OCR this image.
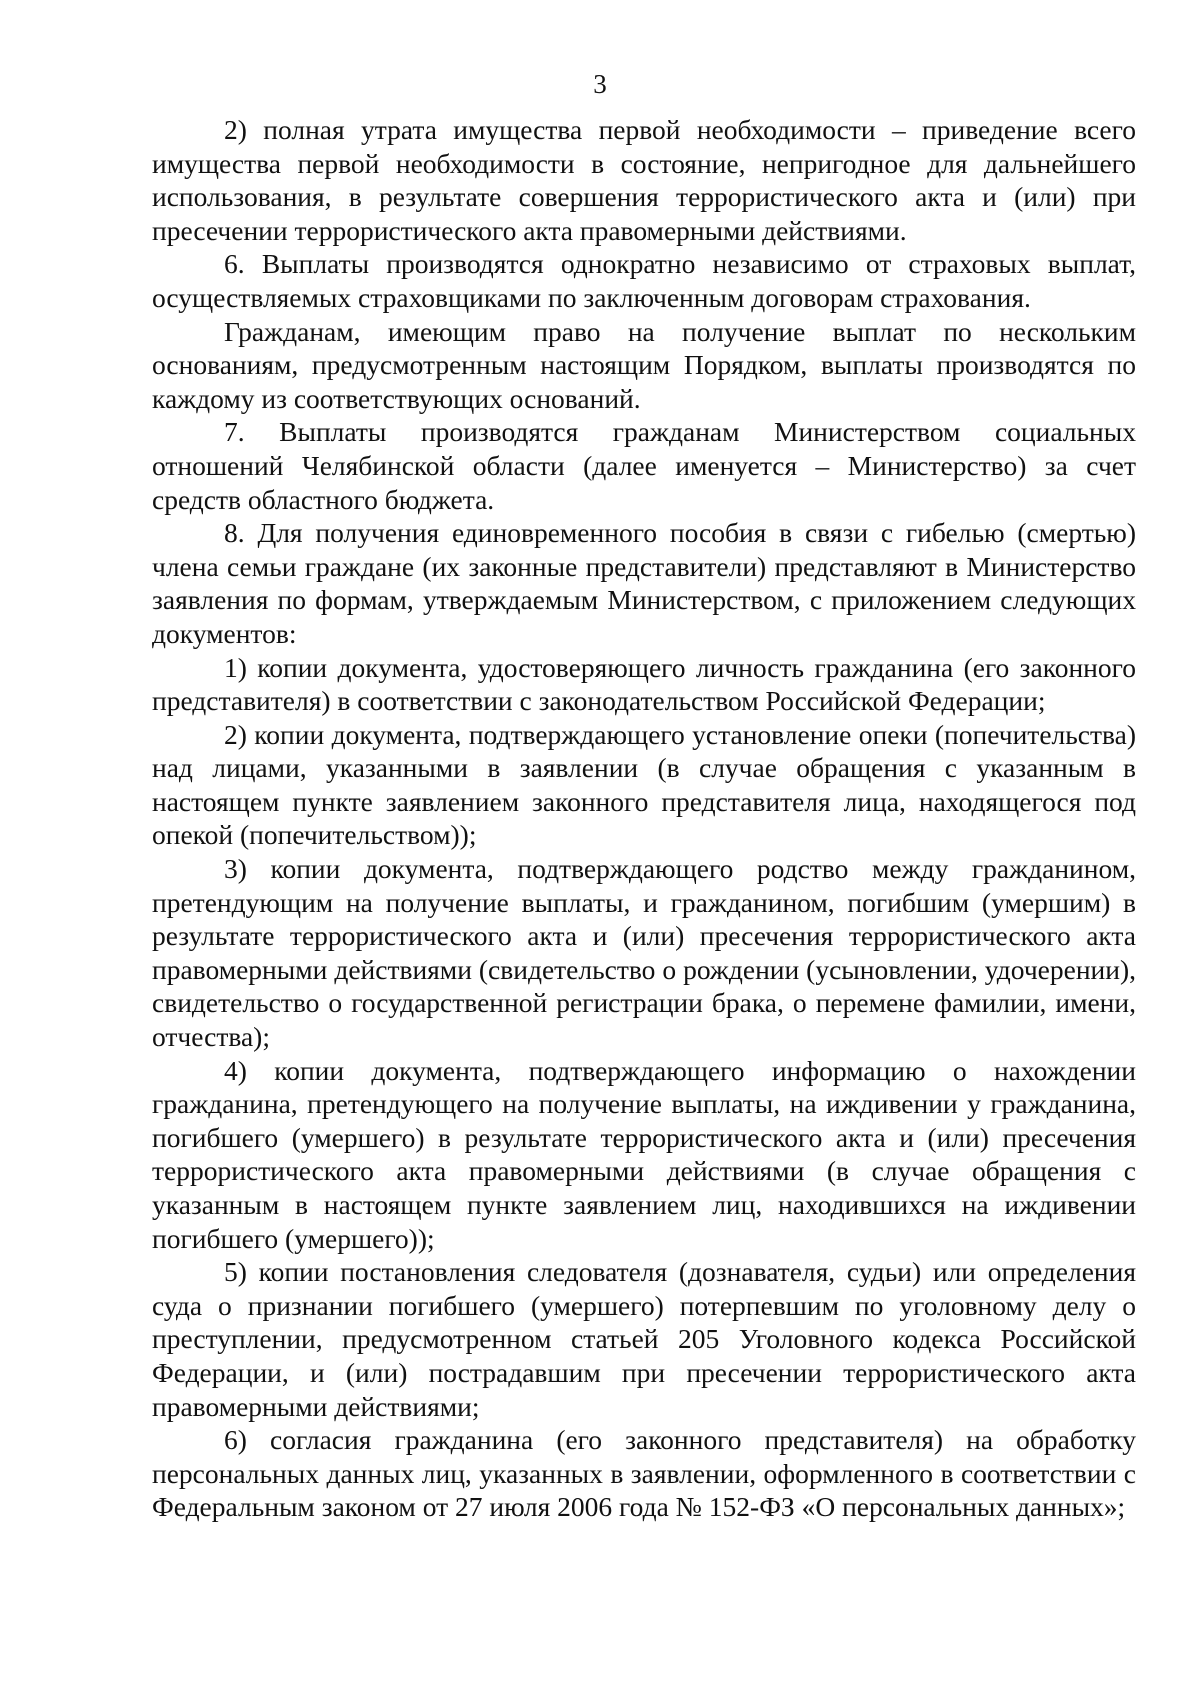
3

2) полная утрата имущества первой необходимости – приведение всего имущества первой необходимости в состояние, непригодное для дальнейшего использования, в результате совершения террористического акта и (или) при пресечении террористического акта правомерными действиями.

6. Выплаты производятся однократно независимо от страховых выплат, осуществляемых страховщиками по заключенным договорам страхования.

Гражданам, имеющим право на получение выплат по нескольким основаниям, предусмотренным настоящим Порядком, выплаты производятся по каждому из соответствующих оснований.

7. Выплаты производятся гражданам Министерством социальных отношений Челябинской области (далее именуется – Министерство) за счет средств областного бюджета.

8. Для получения единовременного пособия в связи с гибелью (смертью) члена семьи граждане (их законные представители) представляют в Министерство заявления по формам, утверждаемым Министерством, с приложением следующих документов:

1) копии документа, удостоверяющего личность гражданина (его законного представителя) в соответствии с законодательством Российской Федерации;

2) копии документа, подтверждающего установление опеки (попечительства) над лицами, указанными в заявлении (в случае обращения с указанным в настоящем пункте заявлением законного представителя лица, находящегося под опекой (попечительством));

3) копии документа, подтверждающего родство между гражданином, претендующим на получение выплаты, и гражданином, погибшим (умершим) в результате террористического акта и (или) пресечения террористического акта правомерными действиями (свидетельство о рождении (усыновлении, удочерении), свидетельство о государственной регистрации брака, о перемене фамилии, имени, отчества);

4) копии документа, подтверждающего информацию о нахождении гражданина, претендующего на получение выплаты, на иждивении у гражданина, погибшего (умершего) в результате террористического акта и (или) пресечения террористического акта правомерными действиями (в случае обращения с указанным в настоящем пункте заявлением лиц, находившихся на иждивении погибшего (умершего));

5) копии постановления следователя (дознавателя, судьи) или определения суда о признании погибшего (умершего) потерпевшим по уголовному делу о преступлении, предусмотренном статьей 205 Уголовного кодекса Российской Федерации, и (или) пострадавшим при пресечении террористического акта правомерными действиями;

6) согласия гражданина (его законного представителя) на обработку персональных данных лиц, указанных в заявлении, оформленного в соответствии с Федеральным законом от 27 июля 2006 года № 152-ФЗ «О персональных данных»;
